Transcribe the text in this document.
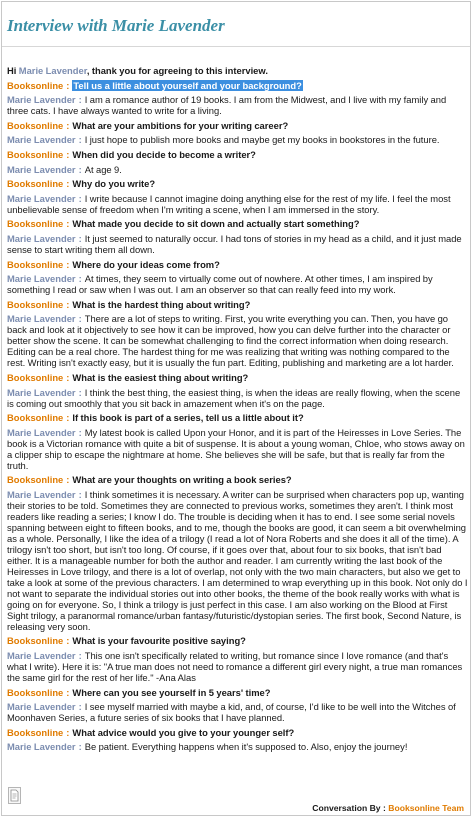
Interview with Marie Lavender
Hi Marie Lavender, thank you for agreeing to this interview.
Booksonline : Tell us a little about yourself and your background?
Marie Lavender : I am a romance author of 19 books. I am from the Midwest, and I live with my family and three cats. I have always wanted to write for a living.
Booksonline : What are your ambitions for your writing career?
Marie Lavender : I just hope to publish more books and maybe get my books in bookstores in the future.
Booksonline : When did you decide to become a writer?
Marie Lavender : At age 9.
Booksonline : Why do you write?
Marie Lavender : I write because I cannot imagine doing anything else for the rest of my life. I feel the most unbelievable sense of freedom when I'm writing a scene, when I am immersed in the story.
Booksonline : What made you decide to sit down and actually start something?
Marie Lavender : It just seemed to naturally occur. I had tons of stories in my head as a child, and it just made sense to start writing them all down.
Booksonline : Where do your ideas come from?
Marie Lavender : At times, they seem to virtually come out of nowhere. At other times, I am inspired by something I read or saw when I was out. I am an observer so that can really feed into my work.
Booksonline : What is the hardest thing about writing?
Marie Lavender : There are a lot of steps to writing. First, you write everything you can. Then, you have go back and look at it objectively to see how it can be improved, how you can delve further into the character or better show the scene. It can be somewhat challenging to find the correct information when doing research. Editing can be a real chore. The hardest thing for me was realizing that writing was nothing compared to the rest. Writing isn't exactly easy, but it is usually the fun part. Editing, publishing and marketing are a lot harder.
Booksonline : What is the easiest thing about writing?
Marie Lavender : I think the best thing, the easiest thing, is when the ideas are really flowing, when the scene is coming out smoothly that you sit back in amazement when it's on the page.
Booksonline : If this book is part of a series, tell us a little about it?
Marie Lavender : My latest book is called Upon your Honor, and it is part of the Heiresses in Love Series. The book is a Victorian romance with quite a bit of suspense. It is about a young woman, Chloe, who stows away on a clipper ship to escape the nightmare at home. She believes she will be safe, but that is really far from the truth.
Booksonline : What are your thoughts on writing a book series?
Marie Lavender : I think sometimes it is necessary. A writer can be surprised when characters pop up, wanting their stories to be told. Sometimes they are connected to previous works, sometimes they aren't. I think most readers like reading a series; I know I do. The trouble is deciding when it has to end. I see some serial novels spanning between eight to fifteen books, and to me, though the books are good, it can seem a bit overwhelming as a whole. Personally, I like the idea of a trilogy (I read a lot of Nora Roberts and she does it all of the time). A trilogy isn't too short, but isn't too long. Of course, if it goes over that, about four to six books, that isn't bad either. It is a manageable number for both the author and reader. I am currently writing the last book of the Heiresses in Love trilogy, and there is a lot of overlap, not only with the two main characters, but also we get to take a look at some of the previous characters. I am determined to wrap everything up in this book. Not only do I not want to separate the individual stories out into other books, the theme of the book really works with what is going on for everyone. So, I think a trilogy is just perfect in this case. I am also working on the Blood at First Sight trilogy, a paranormal romance/urban fantasy/futuristic/dystopian series. The first book, Second Nature, is releasing very soon.
Booksonline : What is your favourite positive saying?
Marie Lavender : This one isn't specifically related to writing, but romance since I love romance (and that's what I write). Here it is: "A true man does not need to romance a different girl every night, a true man romances the same girl for the rest of her life." -Ana Alas
Booksonline : Where can you see yourself in 5 years' time?
Marie Lavender : I see myself married with maybe a kid, and, of course, I'd like to be well into the Witches of Moonhaven Series, a future series of six books that I have planned.
Booksonline : What advice would you give to your younger self?
Marie Lavender : Be patient. Everything happens when it's supposed to. Also, enjoy the journey!
Conversation By : Booksonline Team
